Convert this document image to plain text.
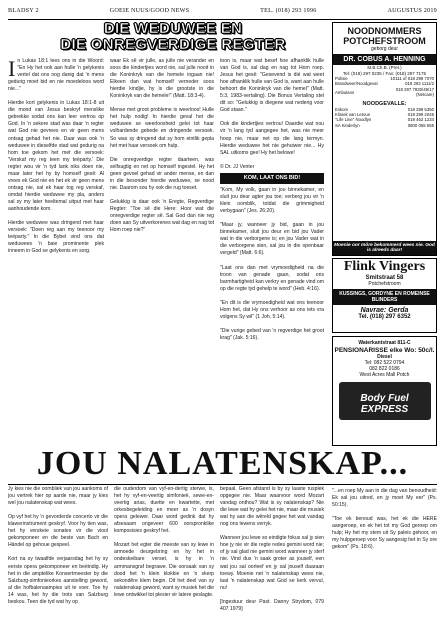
BLADSY 2	GOEIE NUUS/GOOD NEWS	TEL. (018) 293 1996	AUGUSTUS 2019
DIE WEDUWEE EN
DIE ONREGVERDIGE REGTER
I n Lukas 18:1 lees ons in die Woord: "En Hy het ook aan hulle 'n gelykenis vertel dat ons nog danig dat 'n mens gedurig moet bid en nie moedeloos word nie..."

Hierdie kort gelykenis in Lukas 18:1-8 uit die mond van Jesus beskryf menslike gebrekke sodat ons kan leer vertrou op God. In 'n sekere stad was daar 'n regter wat God nie gevrees en vir geen mens ontsag gehad het nie. Daar was ook 'n weduwee in dieselfde stad wat gedurig na hom toe gekom het met die versoek: 'Verskaf my reg teen my teëparty.' Die regter wou vir 'n tyd lank niks doen nie, maar later het hy by homself gesê: Al vrees ek God nie en het ek vir geen mens ontsag nie, sal ek haar tog reg verskaf, omdat hierdie weduwee my pla, anders sal sy my later heeltemal uitput met haar aanhoudende kom.

Hierdie weduwee was dringend met haar versoek: "Doen reg aan my teenoor my teëparty." In die Bybel vind ons dat weduwees 'n baie prominente plek inneem in God se gelykenis en sorg.

waar Ek sê vir julle, as julle nie verander en soos die kindertjies word nie, sal julle nooit in die Koninkryk van die hemele ingaan nie! Elkeen dan wat homself verneder soos hierdie kindjie, hy is die grootste in die Koninkryk van die hemele!" (Matt. 18:3-4).

Mense met groot probleme is weerloos! Hulle het hulp nodig! In hierdie geval het die weduwee se weerloosheid gelei tot haar volhardende gebede en dringende versoek. So was sy dringend dat sy hom eintlik gepla het met haar versoek om hulp.

Die onregverdige regter daarteen, was selfsugtig en net op homself ingestel. Hy het geen gevoel gehad vir ander mense, en dan in die besonder hierdie weduwee, se nood nie. Daarom sou hy ook die rug toeset.

Gelukkig is daar ook 'n Eregte, Regverdige Regter: "Toe sê die Here: Hoor wat die onregverdige regter sê. Sal God dan nie reg doen aan Sy uitverkorenes wat dag en nag tot Hom roep nie?"

toon is, maar wat besef hoe afhanklik hulle van God is, sal dag en nag tot Hom roep. Jesus het gesê: "Gesevend is dié wat weet hoe afhanklik hulle van God is, want aan hulle behoort die Koninkryk van die hemel" (Matt. 5:3, 1983-vertaling). Die Bonus Vertaling stel dit so: "Gelukkig is diegene wat nederig voor God staan."

Ook die kindertjies vertrou! Daardie wat nou vir 'n lang tyd aangegee het, was nie meer hoop nie, maar net op die lang termyn. Hierdie weduwee het nie gehuiwer nie... Hy SAL uitkoms gee! Hy het belowe!

© Dr. JJ Venter

KOM, LAAT ONS BID!

"Kom, My volk, gaan in jou binnekamer, en sluit jou deur agter jou toe; verberg jou vir 'n klein oomblik, totdat die grimmigheid verbygaan" (Jes. 26:20).

"Maar jy, wanneer jy bid, gaan in jou binnekamer, sluit jou deur en bid jou Vader wat in die verborgene is; en jou Vader wat in die verborgene sien, sal jou in die openbaar vergeld" (Matt. 6:6).

"Laat ons dan met vrymoedigheid na die troon van genade gaan, sodat ons barmhartigheid kan verkry en genade vind om op die regte tyd gehelp te word" (Heb. 4:16).

"En dit is die vrymoedigheid wat ons teenoor Hom het, dat Hy ons verhoor as ons iets vra volgens Sy wil" (1 Joh. 5:14).

"Die vurige gebed van 'n regverdige het groot krag" (Jak. 5:16).

NOODNOMMERS
POTCHEFSTROOM
geborg deur
DR. COBUS A. HENNING
M.B.Ch.B. (Pret.)
Tel: (018) 297 0235 / Fax: (018) 297 7175
Polisie	10111 of 018 299 7070
Brandweer/Noodgeval	018 293 1111/2
Ambulans	018 297 7830/49/17 (Netcare)
NOODGEVALLE:
Eskom	018 299 5350
Kliniek van Letoun	018 299 2045
"Life Line" Noodlyn	018 462 1234
SA Kinderlyn	0800 055 555
Moenie oor môre bekommerd wees nie. God is alreeds daar!
Flink Vingers
Smitstraat 58
Potchefstroom
KUSSINGS, GORDYNE EN ROMEINSE BLINDERS
Navrae: Gerda
Tel. (018) 297 6352
Waterkantstraat 811-C
PENSIONARISSE elke Wo: 50c/l.
Diesel
Tel: 082 522 0794
082 822 0186
West Acres Mall Potch
Body Fuel EXPRESS
JOU NALATENSKAP...

Jy kies nie die oombliek van jou aankoms of jou vertrek hier op aarde nie, maar jy kies wel jou nalatenskap wat wees.

Op vyf het hy 'n gevorderde concerto vir die klawerinstrument geskryf. Voor hy tien was, het hy verskeie sonates vir die viool gekomponeer en die beste van Bach en Händel op gehoue gespeel.

Kort na sy twaalfde verjaarsdag het hy sy eerste opera gekomponeer en beëindig. Hy het in die amptelike Konsertmeester by die Salzburg-simfonieorkes aanstelling geword, al die hofbalenaampies uit te voer. Toe hy 14 was, het hy die trots van Salzburg beskou. Teen die tyd wat hy op

die ouderdom van vyf-en-dertig sterwe, is, het hy vyf-en-veertig simfonieë, sewe-en-veertig arias, duette en kwartette, met orkesbegeleiding en meer as 'n dosyn opera gelewer. Daar word gedink dat hy afsesaam ongeveer 600 oorspronklike komposisies geskryf het.

Mozart het egter die meeste van sy lewe in armoede deurgebring en hy het in ondeskeibare verset, is hy in 'n armmansgraf begrawe. Die oorsaak van sy dood het 'n klein klokkie en 'n skerp sekondêre klem begin. Dit het deel van sy nalatenskap geword, want sy musiek het die lewe ontwikkel tot plesier vir latere geslagte.

bepaal. Geen afstand is by sy laaste rusplek opgegee nie. Maar waarvoor word Mozart vandag onthou? Wat is sy nalatenskap? Nie die lewe wat hy gelei het nie, maar die musiek wat hy aan die wêreld gegee het wat vandag nog ons lewens verryk.

Wanneer jou lewe so eindigte fokus sal jy sien hoe jy nie vir die regte redes gemini word nie; of jy sal glad nie gemini word wanneer jy sterf nie. Vind dus 'n saak groter as jouself, een wat jou sal oorleef en jy sal jouself daaraan toewy. Moenie net 'n nalatenskap wees nie, laat 'n nalatenskap wat God se kerk vervul, nu!

[Ingestuur deur Past. Danny Strydom, 079 407 1979]

"...en roep My aan in die dag van benoudheid: Ek sal jou uitred, en jy moet My eer" (Ps. 50:15).

"Toe ek benoud was, het ek die HERE aangeroep, en ek het tot my God geroep om hulp; Hy het my stem uit Sy paleis gehoor, en my hulpgeroep voor Sy aangesig het in Sy ore gekom" (Ps. 18:6).
